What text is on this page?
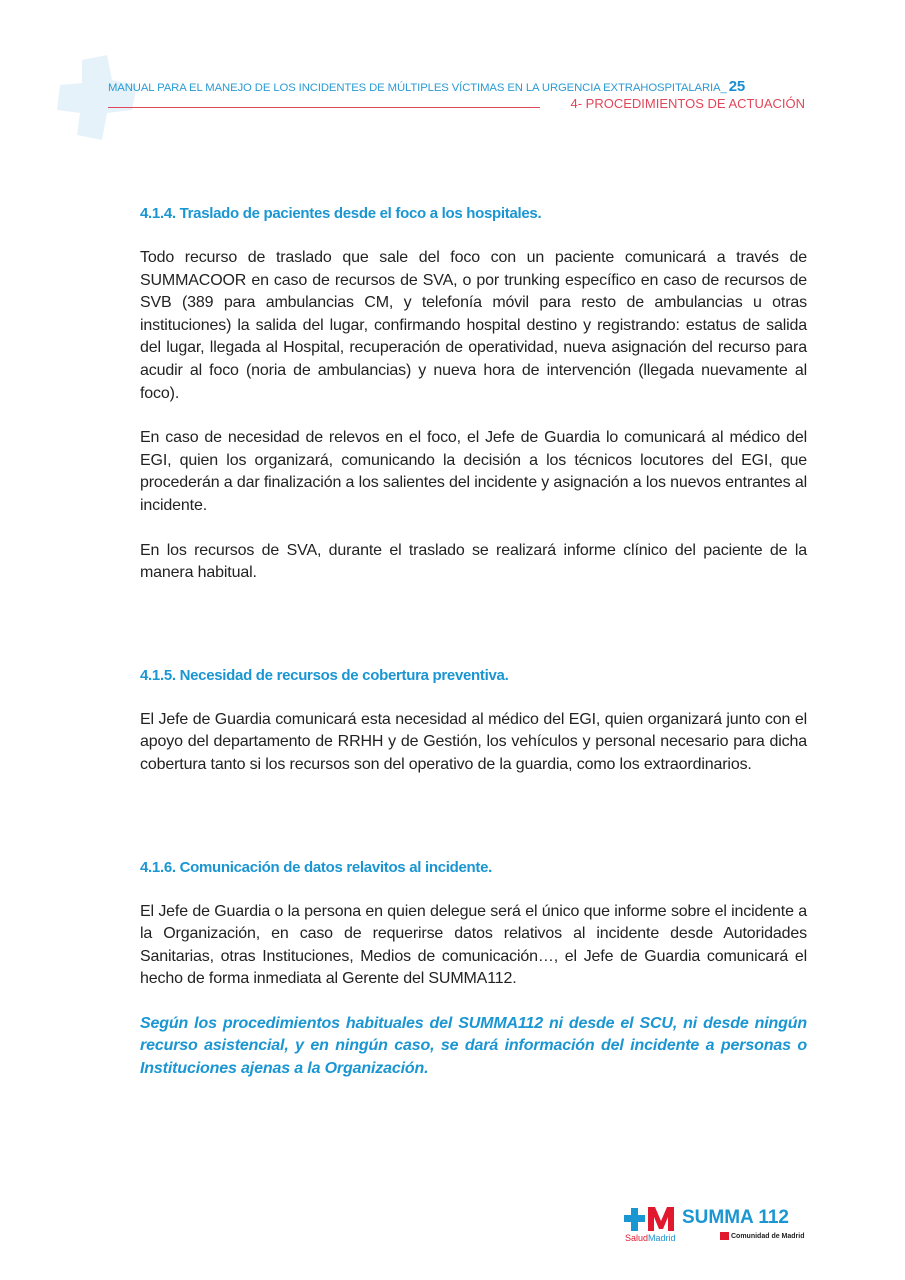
MANUAL PARA EL MANEJO DE LOS INCIDENTES DE MÚLTIPLES VÍCTIMAS EN LA URGENCIA EXTRAHOSPITALARIA_ 25
4- PROCEDIMIENTOS DE ACTUACIÓN
4.1.4. Traslado de pacientes desde el foco a los hospitales.

Todo recurso de traslado que sale del foco con un paciente comunicará a través de SUMMACOOR en caso de recursos de SVA, o por trunking específico en caso de recursos de SVB (389 para ambulancias CM, y telefonía móvil para resto de ambulancias u otras instituciones) la salida del lugar, confirmando hospital destino y registrando: estatus de salida del lugar, llegada al Hospital, recuperación de operatividad, nueva asignación del recurso para acudir al foco (noria de ambulancias) y nueva hora de intervención (llegada nuevamente al foco).

En caso de necesidad de relevos en el foco, el Jefe de Guardia lo comunicará al médico del EGI, quien los organizará, comunicando la decisión a los técnicos locutores del EGI, que procederán a dar finalización a los salientes del incidente y asignación a los nuevos entrantes al incidente.

En los recursos de SVA, durante el traslado se realizará informe clínico del paciente de la manera habitual.

4.1.5. Necesidad de recursos de cobertura preventiva.

El Jefe de Guardia comunicará esta necesidad al médico del EGI, quien organizará junto con el apoyo del departamento de RRHH y de Gestión, los vehículos y personal necesario para dicha cobertura tanto si los recursos son del operativo de la guardia, como los extraordinarios.

4.1.6. Comunicación de datos relavitos al incidente.

El Jefe de Guardia o la persona en quien delegue será el único que informe sobre el incidente a la Organización, en caso de requerirse datos relativos al incidente desde Autoridades Sanitarias, otras Instituciones, Medios de comunicación…, el Jefe de Guardia comunicará el hecho de forma inmediata al Gerente del SUMMA112.

Según los procedimientos habituales del SUMMA112 ni desde el SCU, ni desde ningún recurso asistencial, y en ningún caso, se dará información del incidente a personas o Instituciones ajenas a la Organización.

SUMMA 112
SaludMadrid	Comunidad de Madrid
